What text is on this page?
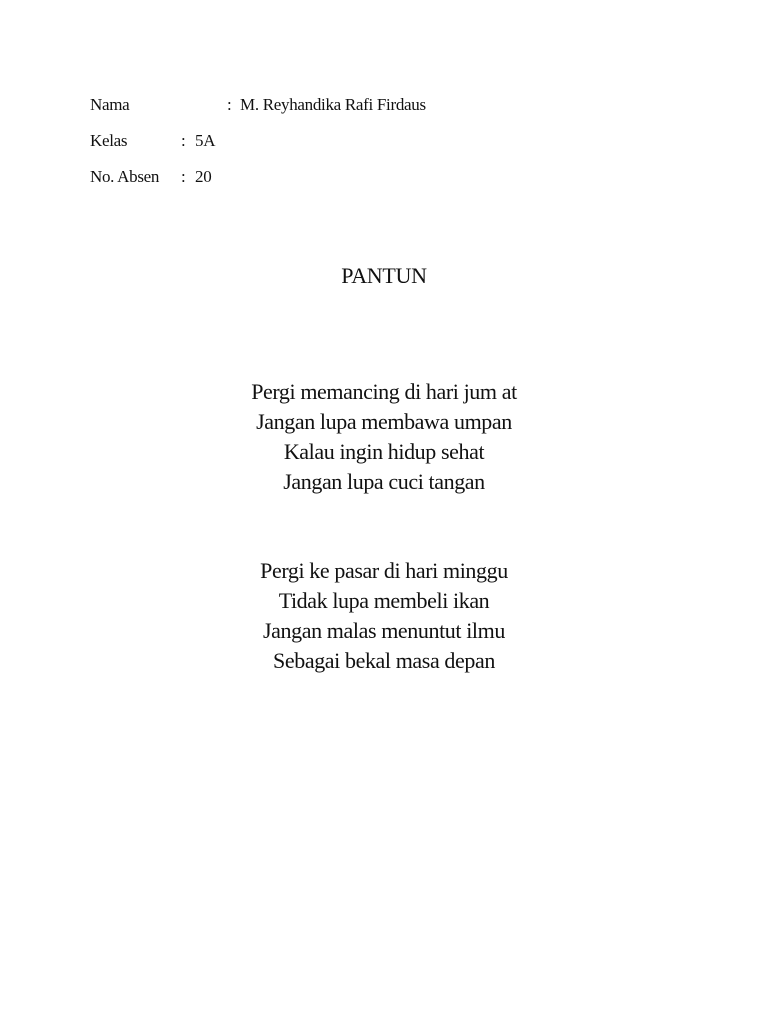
Nama	: M. Reyhandika Rafi Firdaus
Kelas	: 5A
No. Absen : 20
PANTUN
Pergi memancing di hari jum at
Jangan lupa membawa umpan
Kalau ingin hidup sehat
Jangan lupa cuci tangan
Pergi ke pasar di hari minggu
Tidak lupa membeli ikan
Jangan malas menuntut ilmu
Sebagai bekal masa depan
